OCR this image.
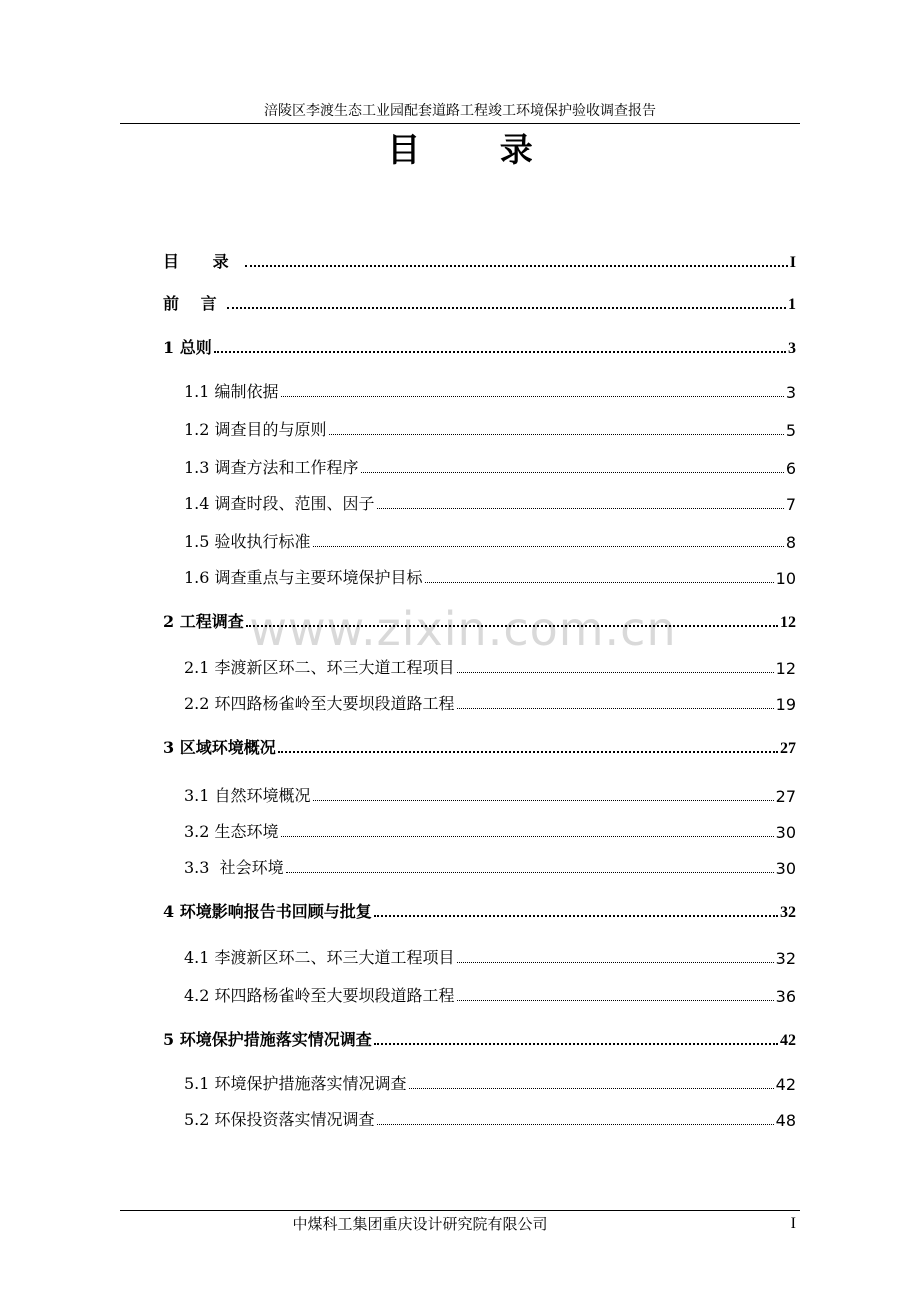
涪陵区李渡生态工业园配套道路工程竣工环境保护验收调查报告
目 录
www.zixin.com.cn
目 录	I
前 言	1
1 总则	3
1.1 编制依据	3
1.2 调查目的与原则	5
1.3 调查方法和工作程序	6
1.4 调查时段、范围、因子	7
1.5 验收执行标准	8
1.6 调查重点与主要环境保护目标	10
2 工程调查	12
2.1 李渡新区环二、环三大道工程项目	12
2.2 环四路杨雀岭至大要坝段道路工程	19
3 区域环境概况	27
3.1 自然环境概况	27
3.2 生态环境	30
3.3  社会环境	30
4 环境影响报告书回顾与批复	32
4.1 李渡新区环二、环三大道工程项目	32
4.2 环四路杨雀岭至大要坝段道路工程	36
5 环境保护措施落实情况调查	42
5.1 环境保护措施落实情况调查	42
5.2 环保投资落实情况调查	48
中煤科工集团重庆设计研究院有限公司	I
